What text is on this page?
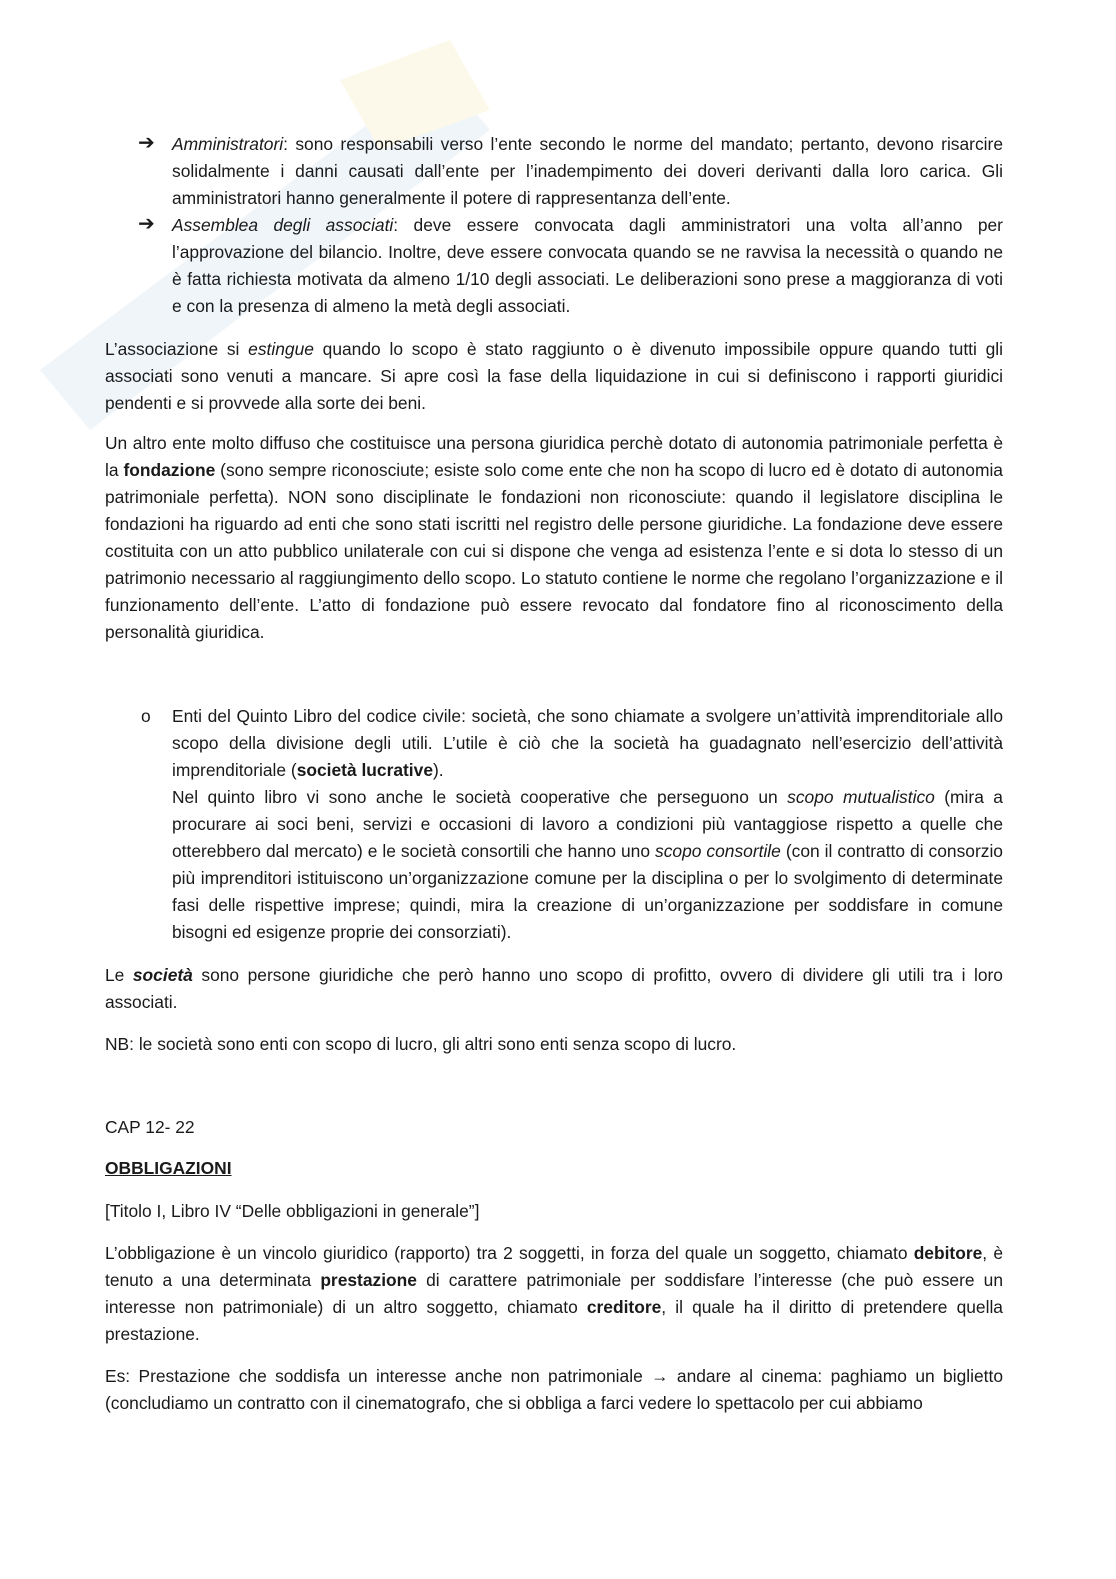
➔ Amministratori: sono responsabili verso l’ente secondo le norme del mandato; pertanto, devono risarcire solidalmente i danni causati dall’ente per l’inadempimento dei doveri derivanti dalla loro carica. Gli amministratori hanno generalmente il potere di rappresentanza dell’ente.

➔ Assemblea degli associati: deve essere convocata dagli amministratori una volta all’anno per l’approvazione del bilancio. Inoltre, deve essere convocata quando se ne ravvisa la necessità o quando ne è fatta richiesta motivata da almeno 1/10 degli associati. Le deliberazioni sono prese a maggioranza di voti e con la presenza di almeno la metà degli associati.

L’associazione si estingue quando lo scopo è stato raggiunto o è divenuto impossibile oppure quando tutti gli associati sono venuti a mancare. Si apre così la fase della liquidazione in cui si definiscono i rapporti giuridici pendenti e si provvede alla sorte dei beni.

Un altro ente molto diffuso che costituisce una persona giuridica perchè dotato di autonomia patrimoniale perfetta è la fondazione (sono sempre riconosciute; esiste solo come ente che non ha scopo di lucro ed è dotato di autonomia patrimoniale perfetta). NON sono disciplinate le fondazioni non riconosciute: quando il legislatore disciplina le fondazioni ha riguardo ad enti che sono stati iscritti nel registro delle persone giuridiche. La fondazione deve essere costituita con un atto pubblico unilaterale con cui si dispone che venga ad esistenza l’ente e si dota lo stesso di un patrimonio necessario al raggiungimento dello scopo. Lo statuto contiene le norme che regolano l’organizzazione e il funzionamento dell’ente. L’atto di fondazione può essere revocato dal fondatore fino al riconoscimento della personalità giuridica.

o	Enti del Quinto Libro del codice civile: società, che sono chiamate a svolgere un’attività imprenditoriale allo scopo della divisione degli utili. L’utile è ciò che la società ha guadagnato nell’esercizio dell’attività imprenditoriale (società lucrative).

Nel quinto libro vi sono anche le società cooperative che perseguono un scopo mutualistico (mira a procurare ai soci beni, servizi e occasioni di lavoro a condizioni più vantaggiose rispetto a quelle che otterebbero dal mercato) e le società consortili che hanno uno scopo consortile (con il contratto di consorzio più imprenditori istituiscono un’organizzazione comune per la disciplina o per lo svolgimento di determinate fasi delle rispettive imprese; quindi, mira la creazione di un’organizzazione per soddisfare in comune bisogni ed esigenze proprie dei consorziati).

Le società sono persone giuridiche che però hanno uno scopo di profitto, ovvero di dividere gli utili tra i loro associati.

NB: le società sono enti con scopo di lucro, gli altri sono enti senza scopo di lucro.

CAP 12- 22

OBBLIGAZIONI

[Titolo I, Libro IV “Delle obbligazioni in generale”]

L’obbligazione è un vincolo giuridico (rapporto) tra 2 soggetti, in forza del quale un soggetto, chiamato debitore, è tenuto a una determinata prestazione di carattere patrimoniale per soddisfare l’interesse (che può essere un interesse non patrimoniale) di un altro soggetto, chiamato creditore, il quale ha il diritto di pretendere quella prestazione.

Es: Prestazione che soddisfa un interesse anche non patrimoniale → andare al cinema: paghiamo un biglietto (concludiamo un contratto con il cinematografo, che si obbliga a farci vedere lo spettacolo per cui abbiamo
